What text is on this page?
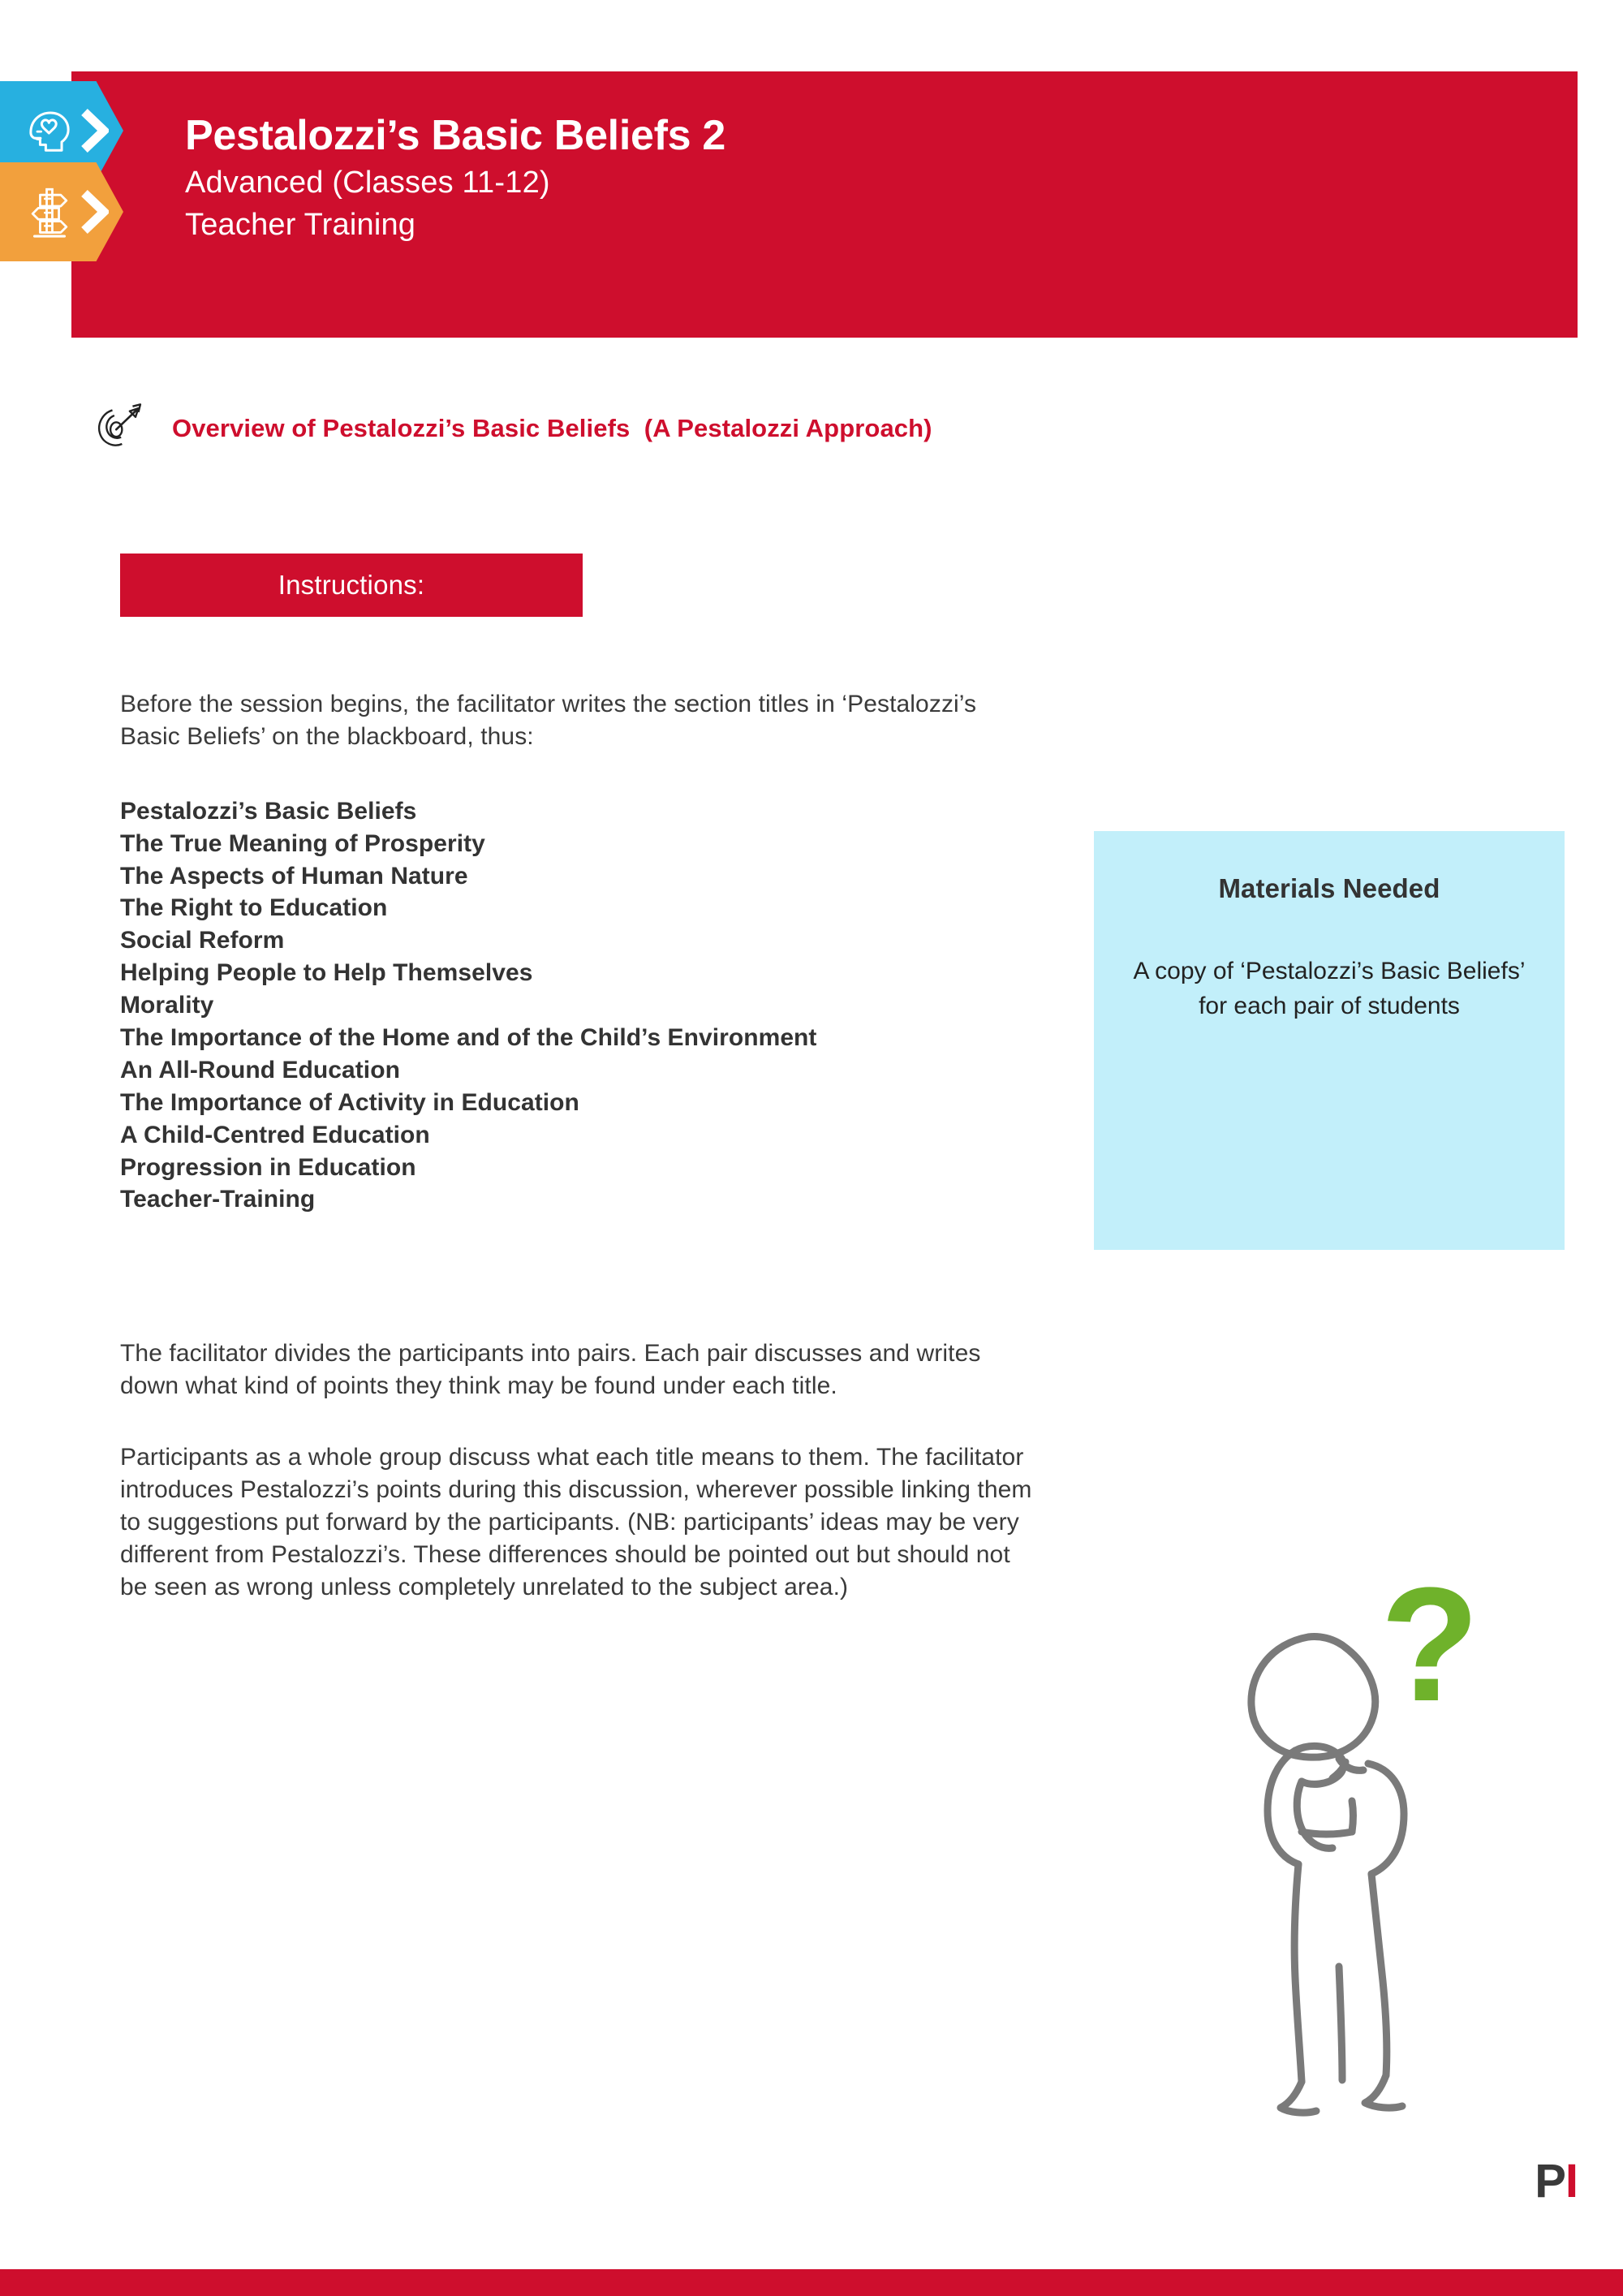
Pestalozzi’s Basic Beliefs 2
Advanced (Classes 11-12)
Teacher Training
Overview of Pestalozzi’s Basic Beliefs  (A Pestalozzi Approach)
Instructions:

Before the session begins, the facilitator writes the section titles in ‘Pestalozzi’s Basic Beliefs’ on the blackboard, thus:

Pestalozzi’s Basic Beliefs
The True Meaning of Prosperity
The Aspects of Human Nature
The Right to Education
Social Reform
Helping People to Help Themselves
Morality
The Importance of the Home and of the Child’s Environment
An All-Round Education
The Importance of Activity in Education
A Child-Centred Education
Progression in Education
Teacher-Training

The facilitator divides the participants into pairs. Each pair discusses and writes down what kind of points they think may be found under each title.

Participants as a whole group discuss what each title means to them. The facilitator introduces Pestalozzi’s points during this discussion, wherever possible linking them to suggestions put forward by the participants. (NB: participants’ ideas may be very different from Pestalozzi’s. These differences should be pointed out but should not be seen as wrong unless completely unrelated to the subject area.)

Materials Needed
A copy of ‘Pestalozzi’s Basic Beliefs’ for each pair of students
?
PI
